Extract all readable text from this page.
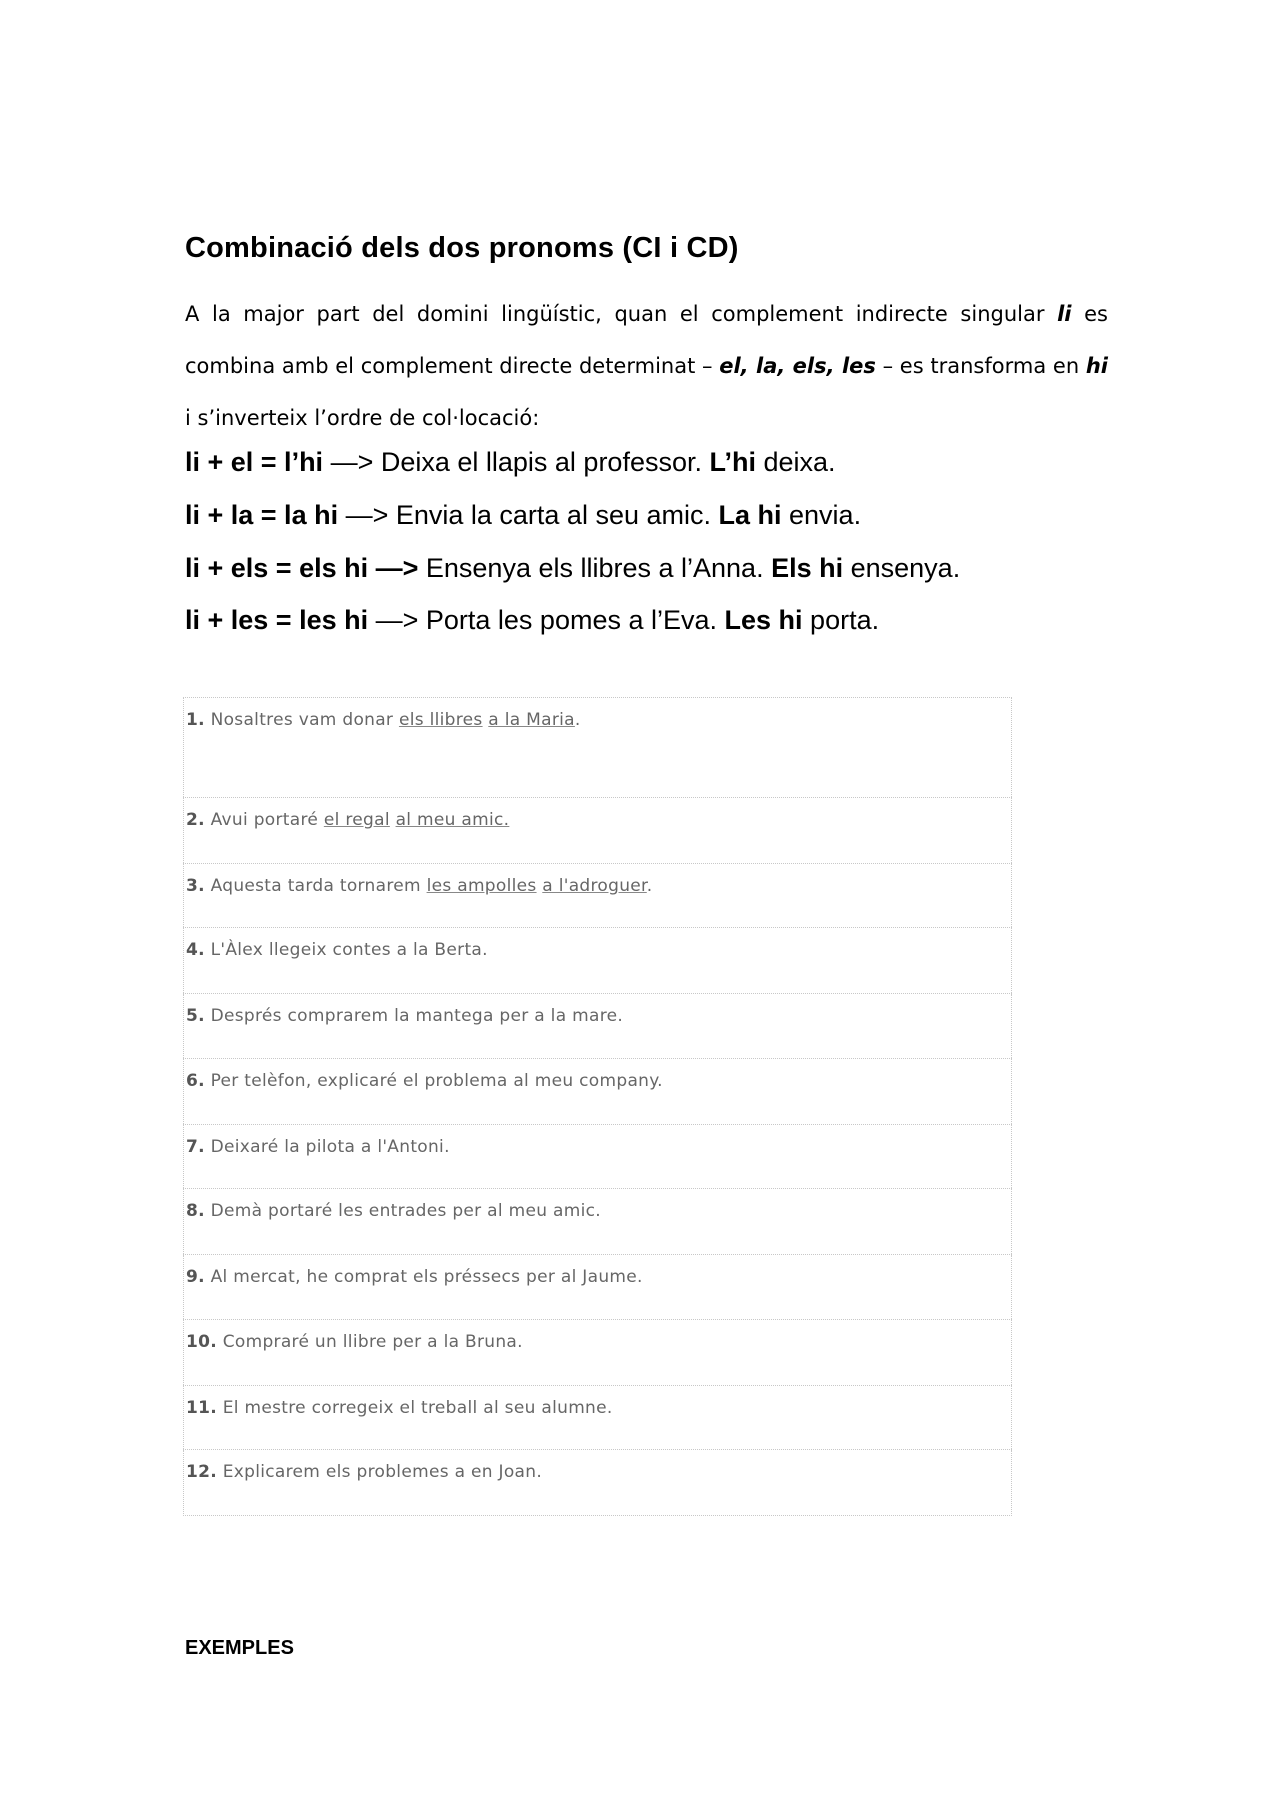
Combinació dels dos pronoms (CI i CD)

A la major part del domini lingüístic, quan el complement indirecte singular li es combina amb el complement directe determinat – el, la, els, les – es transforma en hi i s’inverteix l’ordre de col·locació:

li + el = l’hi —> Deixa el llapis al professor. L’hi deixa.

li + la = la hi —> Envia la carta al seu amic. La hi envia.

li + els = els hi —> Ensenya els llibres a l’Anna. Els hi ensenya.

li + les = les hi —> Porta les pomes a l’Eva. Les hi porta.

1. Nosaltres vam donar els llibres a la Maria.
2. Avui portaré el regal al meu amic.
3. Aquesta tarda tornarem les ampolles a l'adroguer.
4. L'Àlex llegeix contes a la Berta.
5. Després comprarem la mantega per a la mare.
6. Per telèfon, explicaré el problema al meu company.
7. Deixaré la pilota a l'Antoni.
8. Demà portaré les entrades per al meu amic.
9. Al mercat, he comprat els préssecs per al Jaume.
10. Compraré un llibre per a la Bruna.
11. El mestre corregeix el treball al seu alumne.
12. Explicarem els problemes a en Joan.

EXEMPLES
